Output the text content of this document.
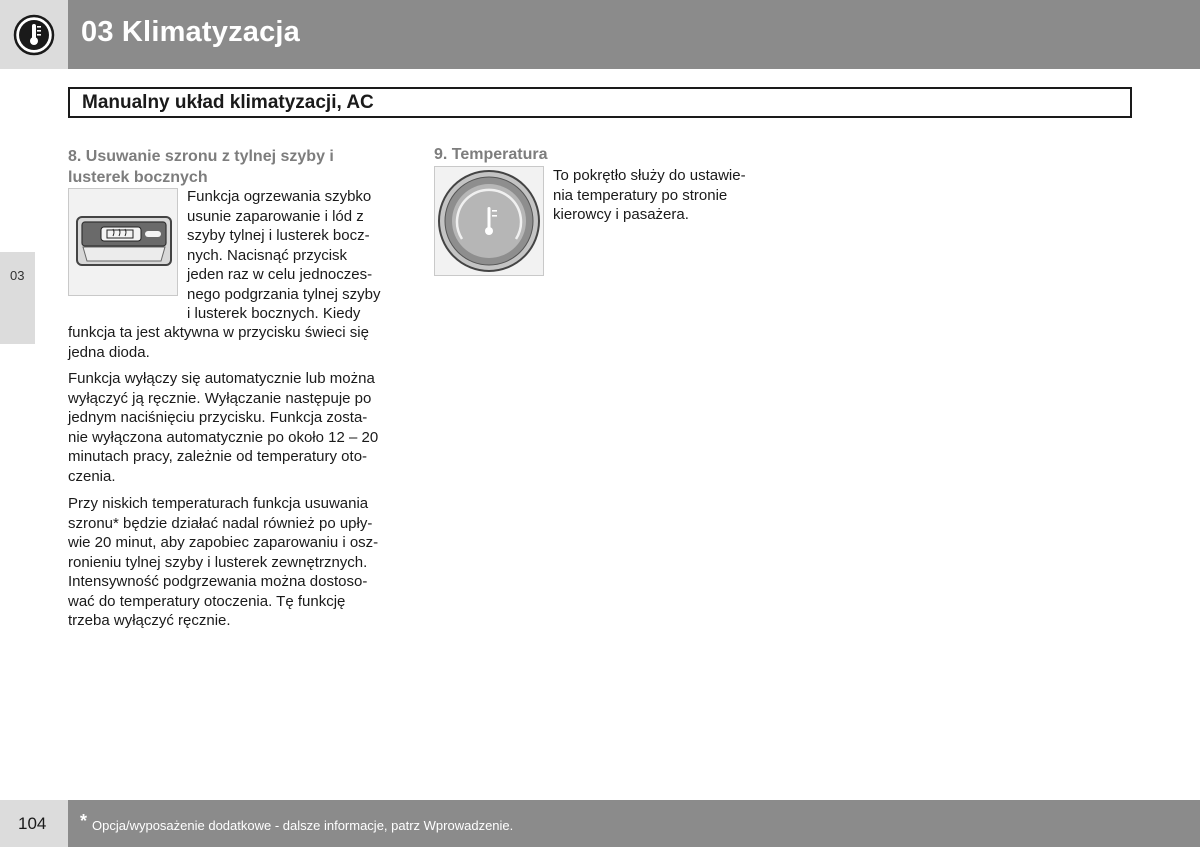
03 Klimatyzacja
Manualny układ klimatyzacji, AC
03
8. Usuwanie szronu z tylnej szyby i
lusterek bocznych
Funkcja ogrzewania szybko
usunie zaparowanie i lód z
szyby tylnej i lusterek bocz-
nych. Nacisnąć przycisk
jeden raz w celu jednoczes-
nego podgrzania tylnej szyby
i lusterek bocznych. Kiedy
funkcja ta jest aktywna w przycisku świeci się
jedna dioda.
Funkcja wyłączy się automatycznie lub można
wyłączyć ją ręcznie. Wyłączanie następuje po
jednym naciśnięciu przycisku. Funkcja zosta-
nie wyłączona automatycznie po około 12 – 20
minutach pracy, zależnie od temperatury oto-
czenia.
Przy niskich temperaturach funkcja usuwania
szronu* będzie działać nadal również po upły-
wie 20 minut, aby zapobiec zaparowaniu i osz-
ronieniu tylnej szyby i lusterek zewnętrznych.
Intensywność podgrzewania można dostoso-
wać do temperatury otoczenia. Tę funkcję
trzeba wyłączyć ręcznie.
9. Temperatura
To pokrętło służy do ustawie-
nia temperatury po stronie
kierowcy i pasażera.
104 * Opcja/wyposażenie dodatkowe - dalsze informacje, patrz Wprowadzenie.
